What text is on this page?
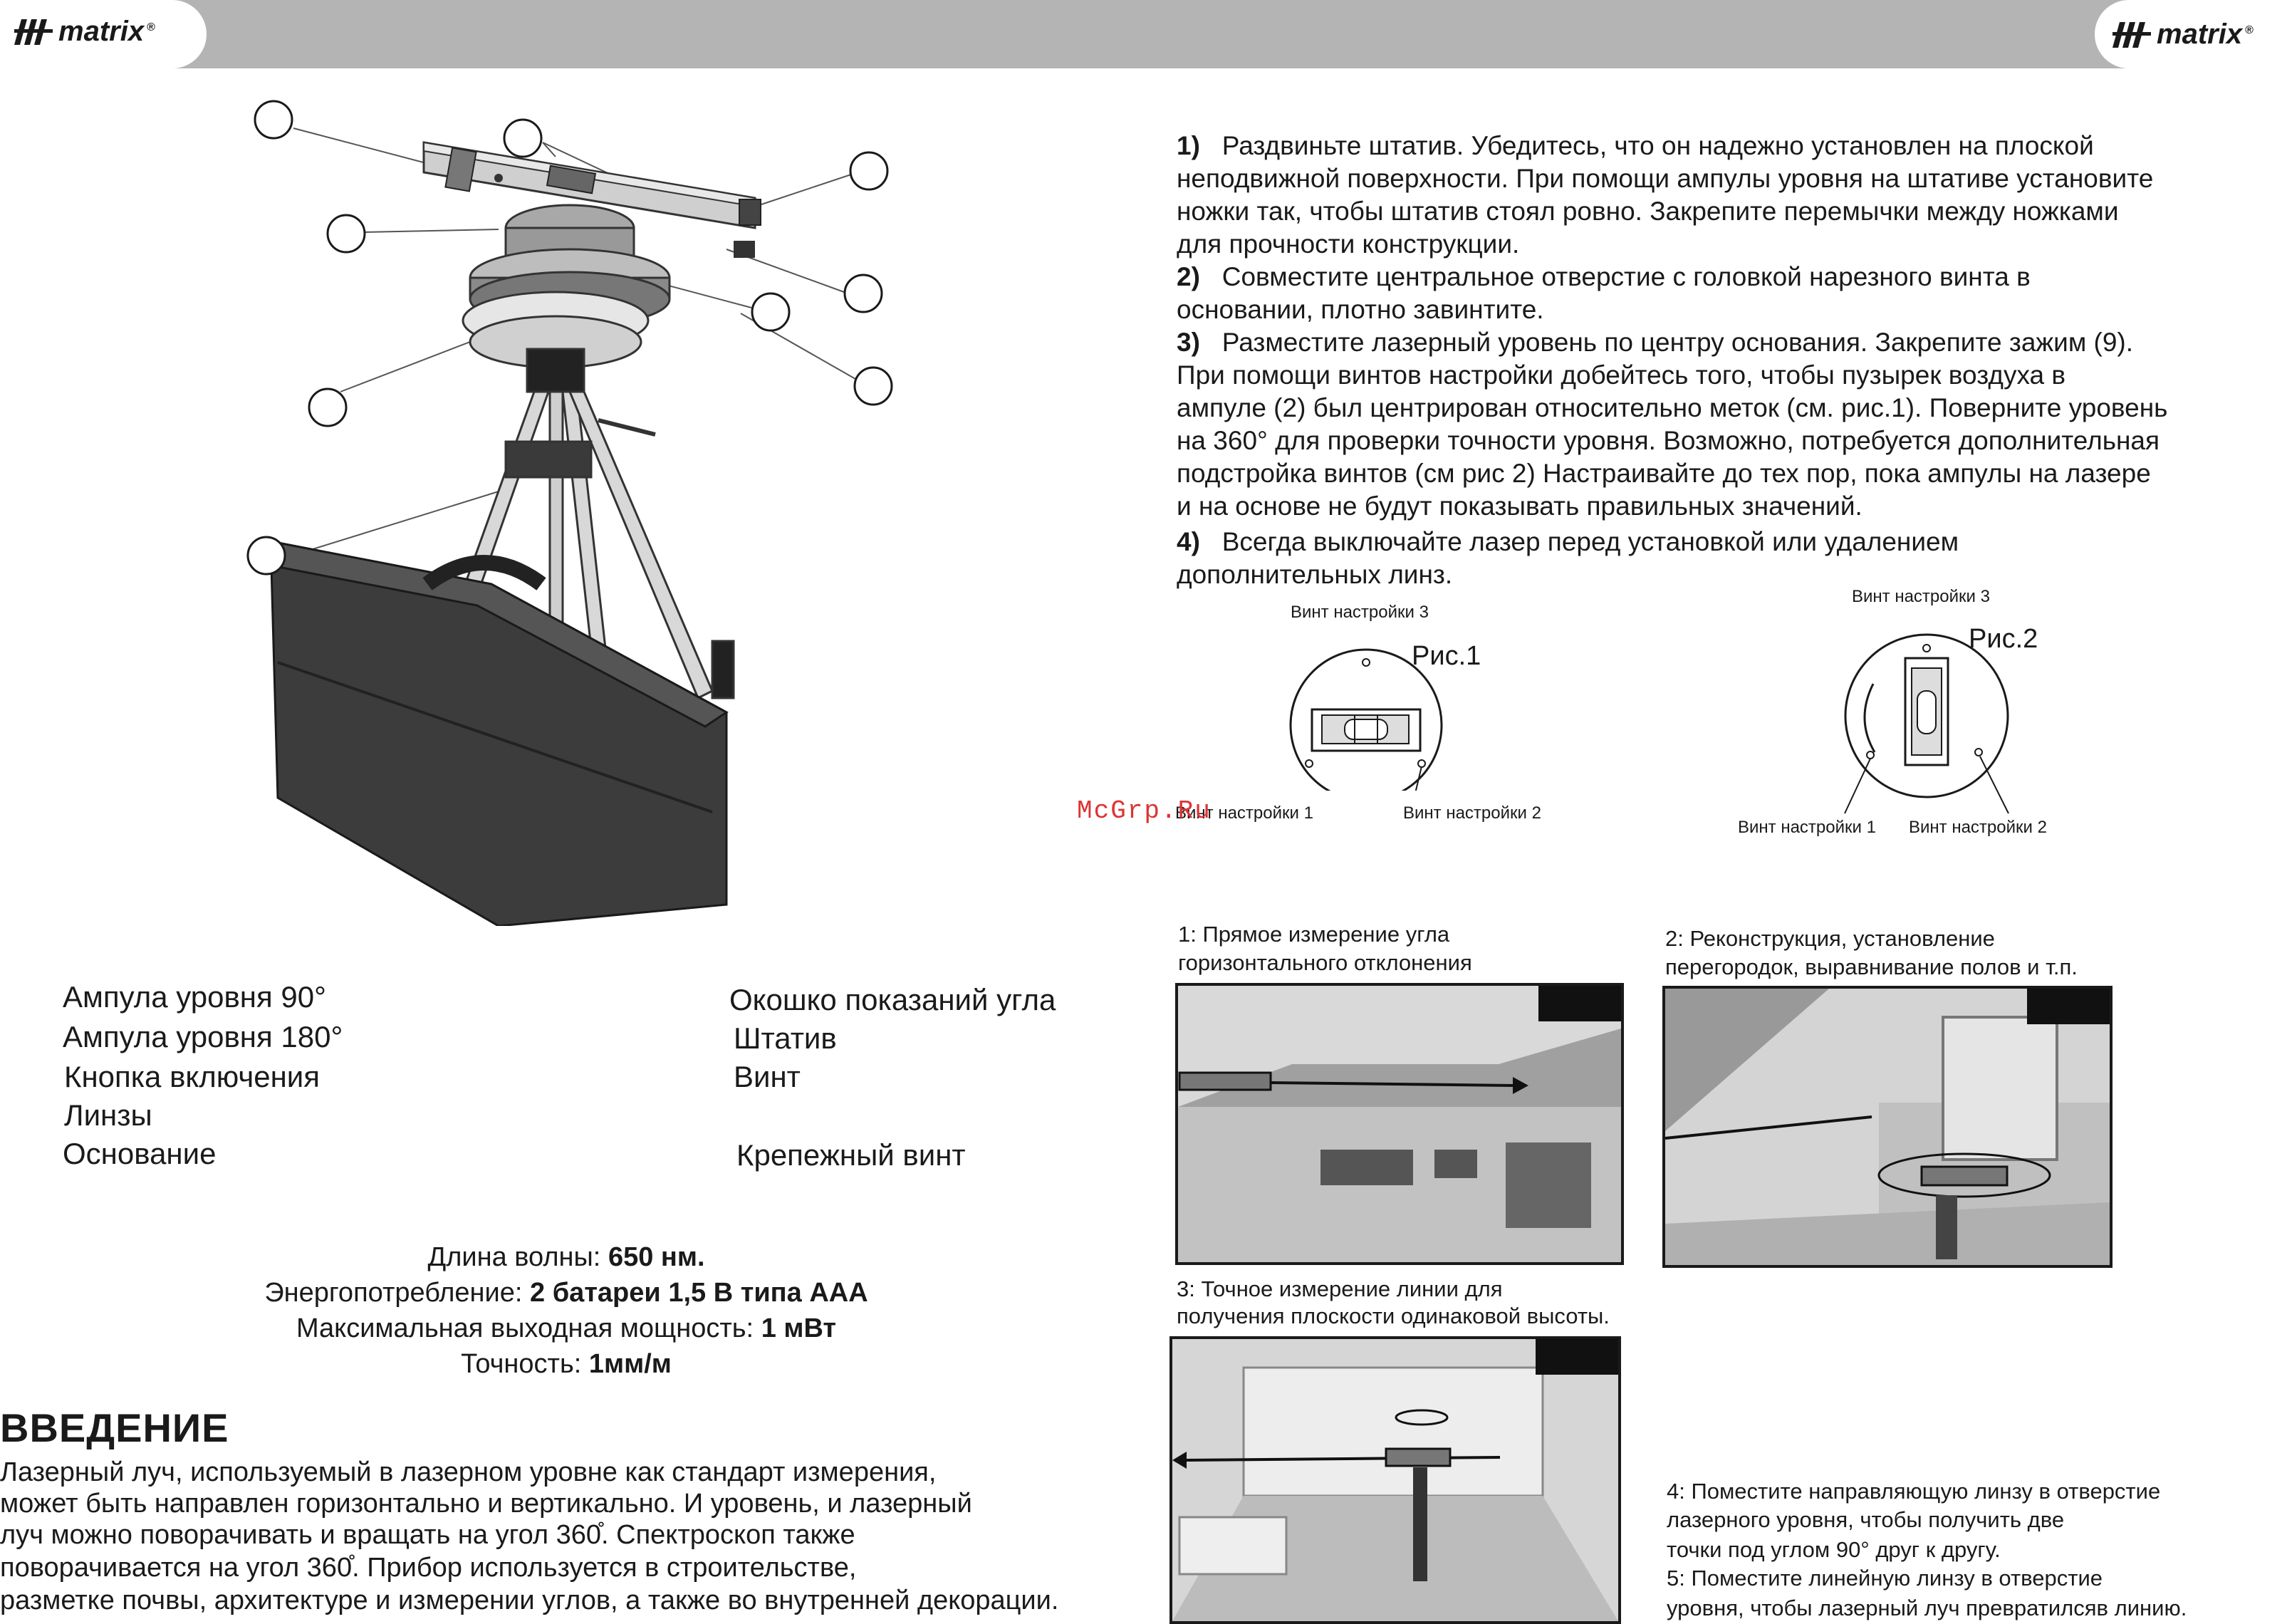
matrix ®	matrix ®
Ампула уровня 90°
Ампула уровня 180°
Кнопка включения
Линзы
Основание
Окошко показаний угла
Штатив
Винт
Крепежный винт
Длина волны: 650 нм.
Энергопотребление: 2 батареи 1,5 В типа AAA
Максимальная выходная мощность: 1 мВт
Точность: 1мм/м
ВВЕДЕНИЕ
Лазерный луч, используемый в лазерном уровне как стандарт измерения,
может быть направлен горизонтально и вертикально. И уровень, и лазерный
луч можно поворачивать и вращать на угол 360̊. Спектроскоп также
поворачивается на угол 360̊. Прибор используется в строительстве,
разметке почвы, архитектуре и измерении углов, а также во внутренней декорации.
1) Раздвиньте штатив. Убедитесь, что он надежно установлен на плоской
неподвижной поверхности. При помощи ампулы уровня на штативе установите
ножки так, чтобы штатив стоял ровно. Закрепите перемычки между ножками
для прочности конструкции.
2) Совместите центральное отверстие с головкой нарезного винта в
основании, плотно завинтите.
3) Разместите лазерный уровень по центру основания. Закрепите зажим (9).
При помощи винтов настройки добейтесь того, чтобы пузырек воздуха в
ампуле (2) был центрирован относительно меток (см. рис.1). Поверните уровень
на 360° для проверки точности уровня. Возможно, потребуется дополнительная
подстройка винтов (см рис 2) Настраивайте до тех пор, пока ампулы на лазере
и на основе не будут показывать правильных значений.
4) Всегда выключайте лазер перед установкой или удалением
дополнительных линз.
Винт настройки 3
Рис.1
Винт настройки 1	Винт настройки 2
Винт настройки 3
Рис.2
Винт настройки 1 Винт настройки 2
McGrp.Ru
1: Прямое измерение угла
горизонтального отклонения
2: Реконструкция, установление
перегородок, выравнивание полов и т.п.
3: Точное измерение линии для
получения плоскости одинаковой высоты.
4: Поместите направляющую линзу в отверстие
лазерного уровня, чтобы получить две
точки под углом 90° друг к другу.
5: Поместите линейную линзу в отверстие
уровня, чтобы лазерный луч превратилсяв линию.
